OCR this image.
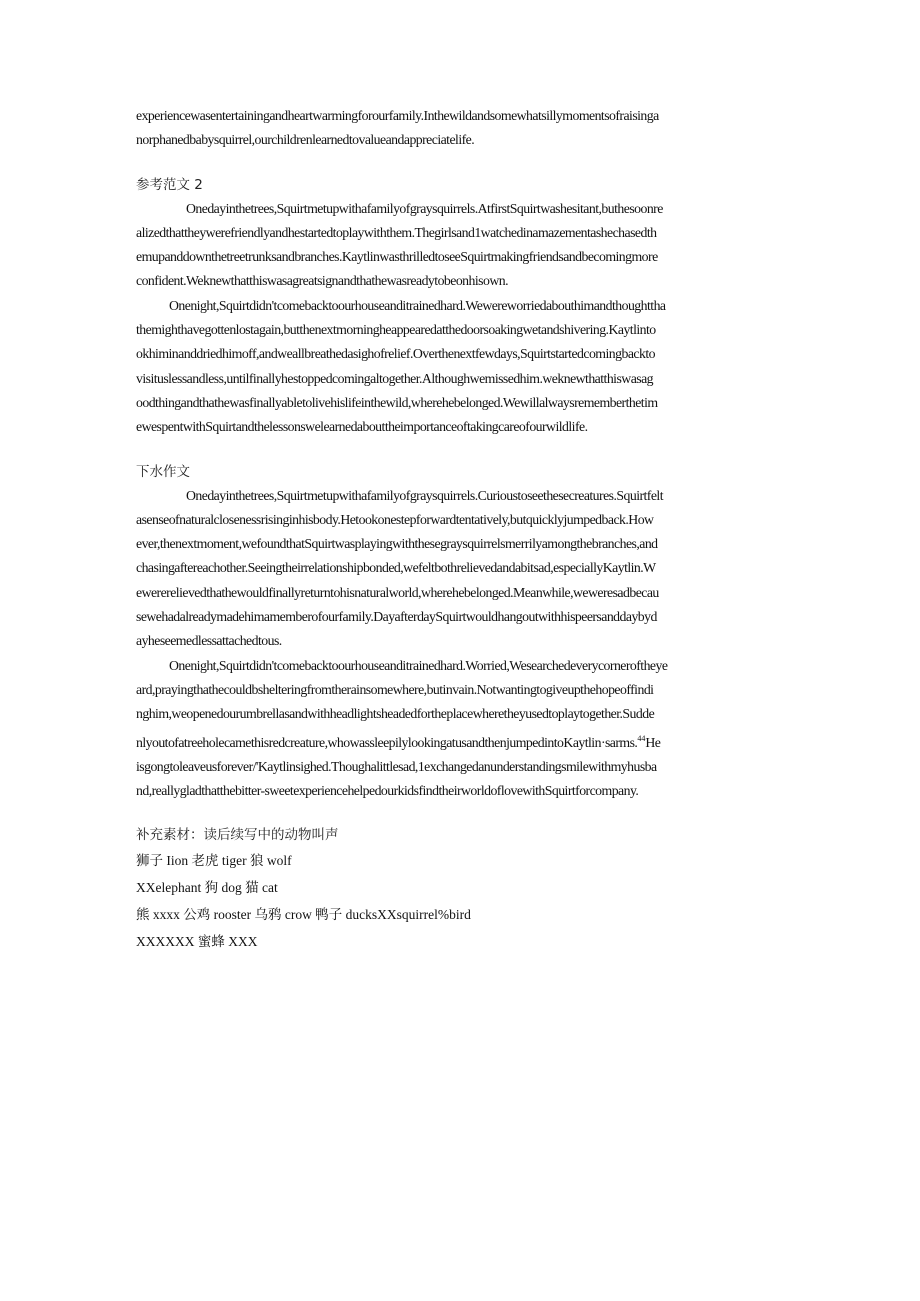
experiencewasentertainingandheartwarmingforourfamily.Inthewildandsomewhatsillymomentsofraisinga
norphanedbabysquirrel,ourchildrenlearnedtovalueandappreciatelife.
参考范文 2
Onedayinthetrees,Squirtmetupwithafamilyofgraysquirrels.AtfirstSquirtwashesitant,buthesoonre
alizedthattheywerefriendlyandhestartedtoplaywiththem.Thegirlsand1watchedinamazementashechasedth
emupanddownthetreetrunksandbranches.KaytlinwasthrilledtoseeSquirtmakingfriendsandbecomingmore
confident.Weknewthatthiswasagreatsignandthathewasreadytobeonhisown.
Onenight,Squirtdidn'tcomebacktoourhouseanditrainedhard.Wewereworriedabouthimandthoughttha
themighthavegottenlostagain,butthenextmorningheappearedatthedoorsoakingwetandshivering.Kaytlinto
okhiminanddriedhimoff,andweallbreathedasighofrelief.Overthenextfewdays,Squirtstartedcomingbackto
visituslessandless,untilfinallyhestoppedcomingaltogether.Althoughwemissedhim.weknewthatthiswasag
oodthingandthathewasfinallyabletolivehislifeinthewild,wherehebelonged.Wewillalwaysrememberthetim
ewespentwithSquirtandthelessonswelearnedabouttheimportanceoftakingcareofourwildlife.
下水作文
Onedayinthetrees,Squirtmetupwithafamilyofgraysquirrels.Curioustoseethesecreatures.Squirtfelt
asenseofnaturalclosenessrisinginhisbody.Hetookonestepforwardtentatively,butquicklyjumpedback.How
ever,thenextmoment,wefoundthatSquirtwasplayingwiththesegraysquirrelsmerrilyamongthebranches,and
chasingaftereachother.Seeingtheirrelationshipbonded,wefeltbothrelievedandabitsad,especiallyKaytlin.W
ewererelievedthathewouldfinallyreturntohisnaturalworld,wherehebelonged.Meanwhile,weweresadbecau
sewehadalreadymadehimamemberofourfamily.DayafterdaySquirtwouldhangoutwithhispeersanddaybyd
ayheseemedlessattachedtous.
Onenight,Squirtdidn'tcomebacktoourhouseanditrainedhard.Worried,Wesearchedeverycorneroftheye
ard,prayingthathecouldbshelteringfromtherainsomewhere,butinvain.Notwantingtogiveupthehopeoffindi
nghim,weopenedourumbrellasandwithheadlightsheadedfortheplacewheretheyusedtoplaytogether.Sudde
nlyoutofatreeholecamethisredcreature,whowassleepilylookingatusandthenjumpedintoKaytlin·sarms.$^{44}$He
isgongtoleaveusforever/'Kaytlinsighed.Thoughalittlesad,1exchangedanunderstandingsmilewithmyhusba
nd,reallygladthatthebitter-sweetexperiencehelpedourkidsfindtheirworldoflovewithSquirtforcompany.
补充素材：读后续写中的动物叫声
狮子 Iion 老虎 tiger 狼 wolf
XXelephant 狗 dog 猫 cat
熊 xxxx 公鸡 rooster 乌鸦 crow 鸭子 ducksXXsquirrel%bird
XXXXXX 蜜蜂 XXX
